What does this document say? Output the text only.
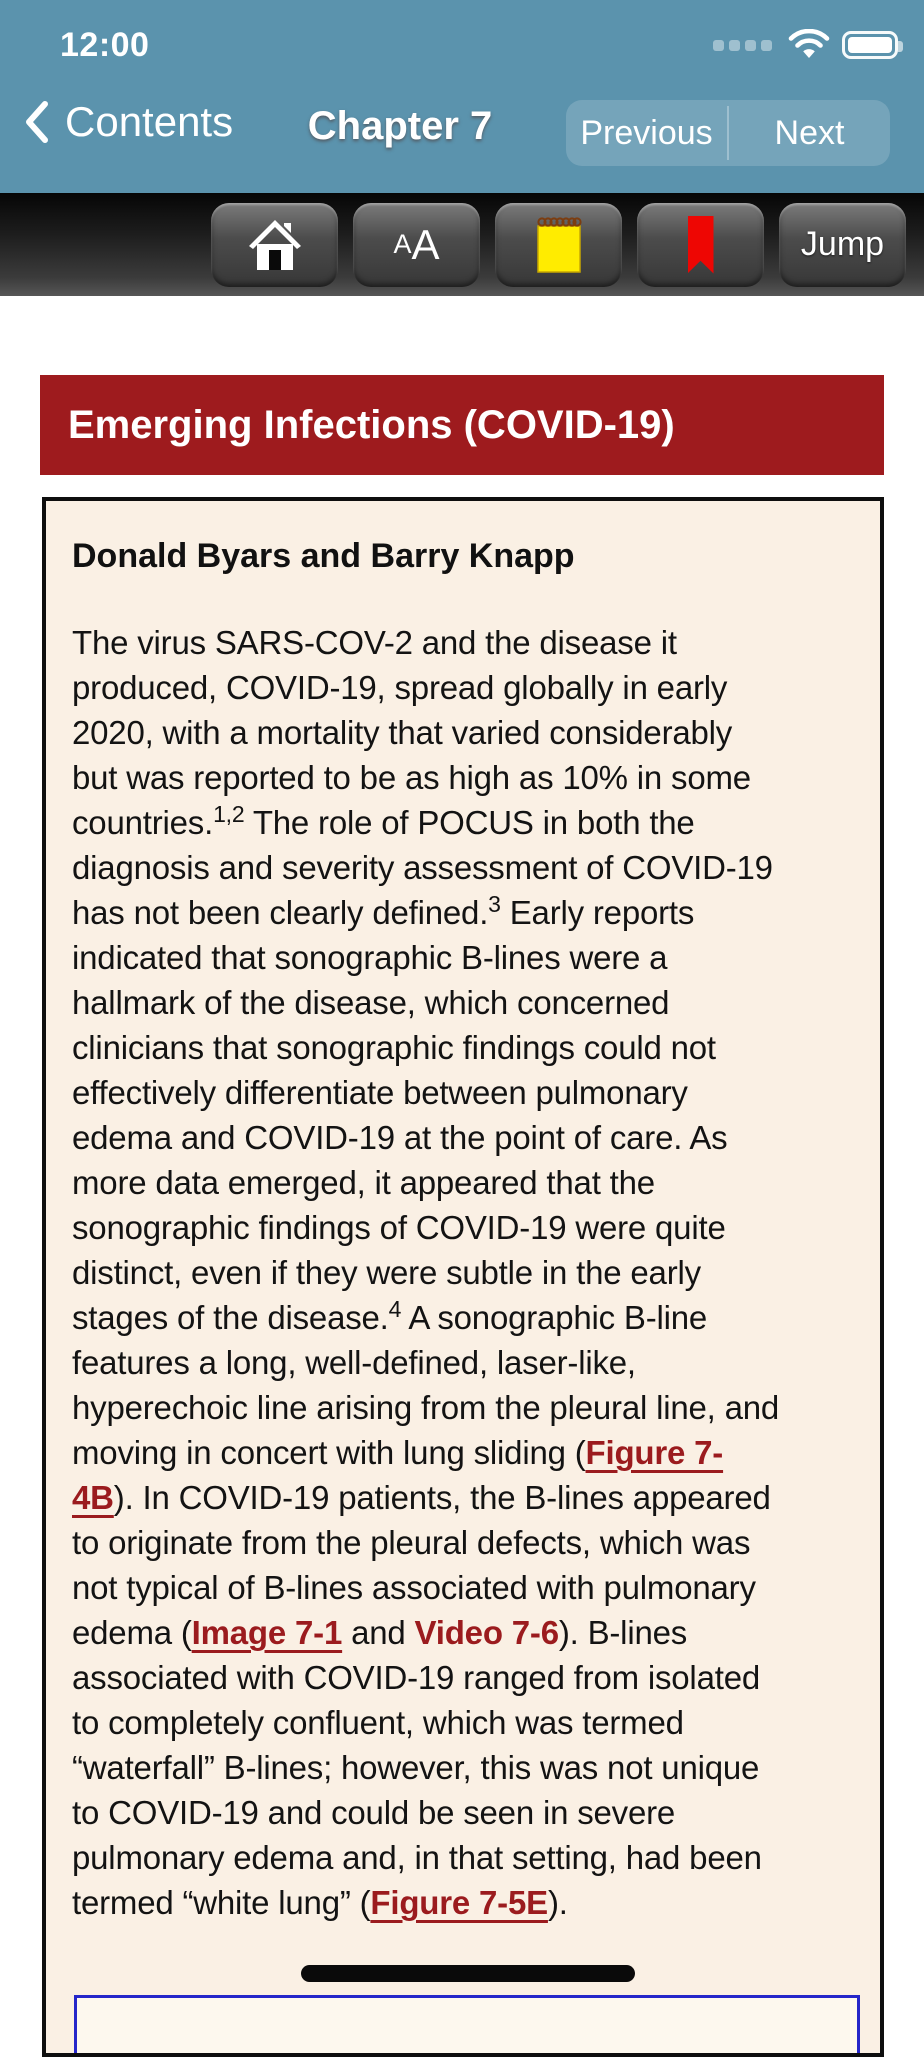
12:00
Contents	Chapter 7	Previous	Next
A A	Jump
Emerging Infections (COVID-19)
Donald Byars and Barry Knapp
The virus SARS-COV-2 and the disease it
produced, COVID-19, spread globally in early
2020, with a mortality that varied considerably
but was reported to be as high as 10% in some
countries.$^{1,2}$ The role of POCUS in both the
diagnosis and severity assessment of COVID-19
has not been clearly defined.$^3$ Early reports
indicated that sonographic B-lines were a
hallmark of the disease, which concerned
clinicians that sonographic findings could not
effectively differentiate between pulmonary
edema and COVID-19 at the point of care. As
more data emerged, it appeared that the
sonographic findings of COVID-19 were quite
distinct, even if they were subtle in the early
stages of the disease.$^4$ A sonographic B-line
features a long, well-defined, laser-like,
hyperechoic line arising from the pleural line, and
moving in concert with lung sliding (Figure 7-
4B). In COVID-19 patients, the B-lines appeared
to originate from the pleural defects, which was
not typical of B-lines associated with pulmonary
edema (Image 7-1 and Video 7-6). B-lines
associated with COVID-19 ranged from isolated
to completely confluent, which was termed
“waterfall” B-lines; however, this was not unique
to COVID-19 and could be seen in severe
pulmonary edema and, in that setting, had been
termed “white lung” (Figure 7-5E).
